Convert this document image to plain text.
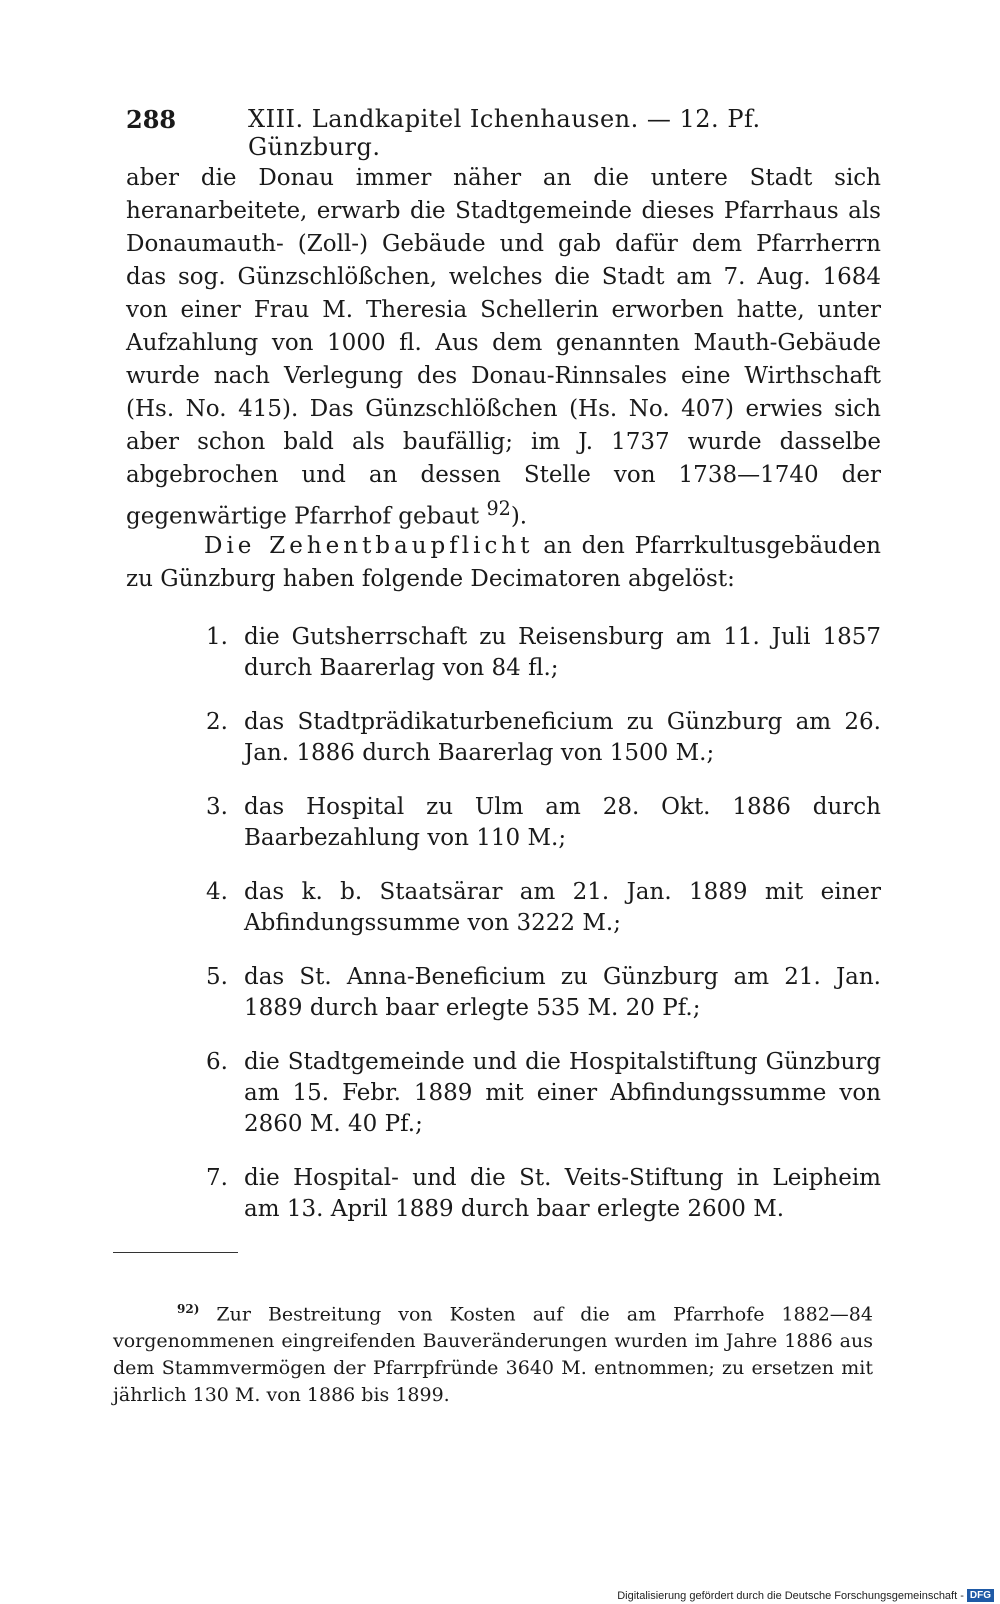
288	XIII. Landkapitel Ichenhausen. — 12. Pf. Günzburg.

aber die Donau immer näher an die untere Stadt sich heranarbeitete, erwarb die Stadtgemeinde dieses Pfarrhaus als Donaumauth- (Zoll-) Gebäude und gab dafür dem Pfarrherrn das sog. Günzschlößchen, welches die Stadt am 7. Aug. 1684 von einer Frau M. Theresia Schellerin erworben hatte, unter Aufzahlung von 1000 fl. Aus dem genannten Mauth-Gebäude wurde nach Verlegung des Donau-Rinnsales eine Wirthschaft (Hs. No. 415). Das Günzschlößchen (Hs. No. 407) erwies sich aber schon bald als baufällig; im J. 1737 wurde dasselbe abgebrochen und an dessen Stelle von 1738—1740 der gegenwärtige Pfarrhof gebaut $^{92}$).

Die Zehentbaupflicht an den Pfarrkultusgebäuden zu Günzburg haben folgende Decimatoren abgelöst:
1. die Gutsherrschaft zu Reisensburg am 11. Juli 1857 durch Baarerlag von 84 fl.;
2. das Stadtprädikaturbeneficium zu Günzburg am 26. Jan. 1886 durch Baarerlag von 1500 M.;
3. das Hospital zu Ulm am 28. Okt. 1886 durch Baarbezahlung von 110 M.;
4. das k. b. Staatsärar am 21. Jan. 1889 mit einer Abfindungssumme von 3222 M.;
5. das St. Anna-Beneficium zu Günzburg am 21. Jan. 1889 durch baar erlegte 535 M. 20 Pf.;
6. die Stadtgemeinde und die Hospitalstiftung Günzburg am 15. Febr. 1889 mit einer Abfindungssumme von 2860 M. 40 Pf.;
7. die Hospital- und die St. Veits-Stiftung in Leipheim am 13. April 1889 durch baar erlegte 2600 M.
$^{92)}$ Zur Bestreitung von Kosten auf die am Pfarrhofe 1882—84 vorgenommenen eingreifenden Bauveränderungen wurden im Jahre 1886 aus dem Stammvermögen der Pfarrpfründe 3640 M. entnommen; zu ersetzen mit jährlich 130 M. von 1886 bis 1899.
Digitalisierung gefördert durch die Deutsche Forschungsgemeinschaft - DFG
